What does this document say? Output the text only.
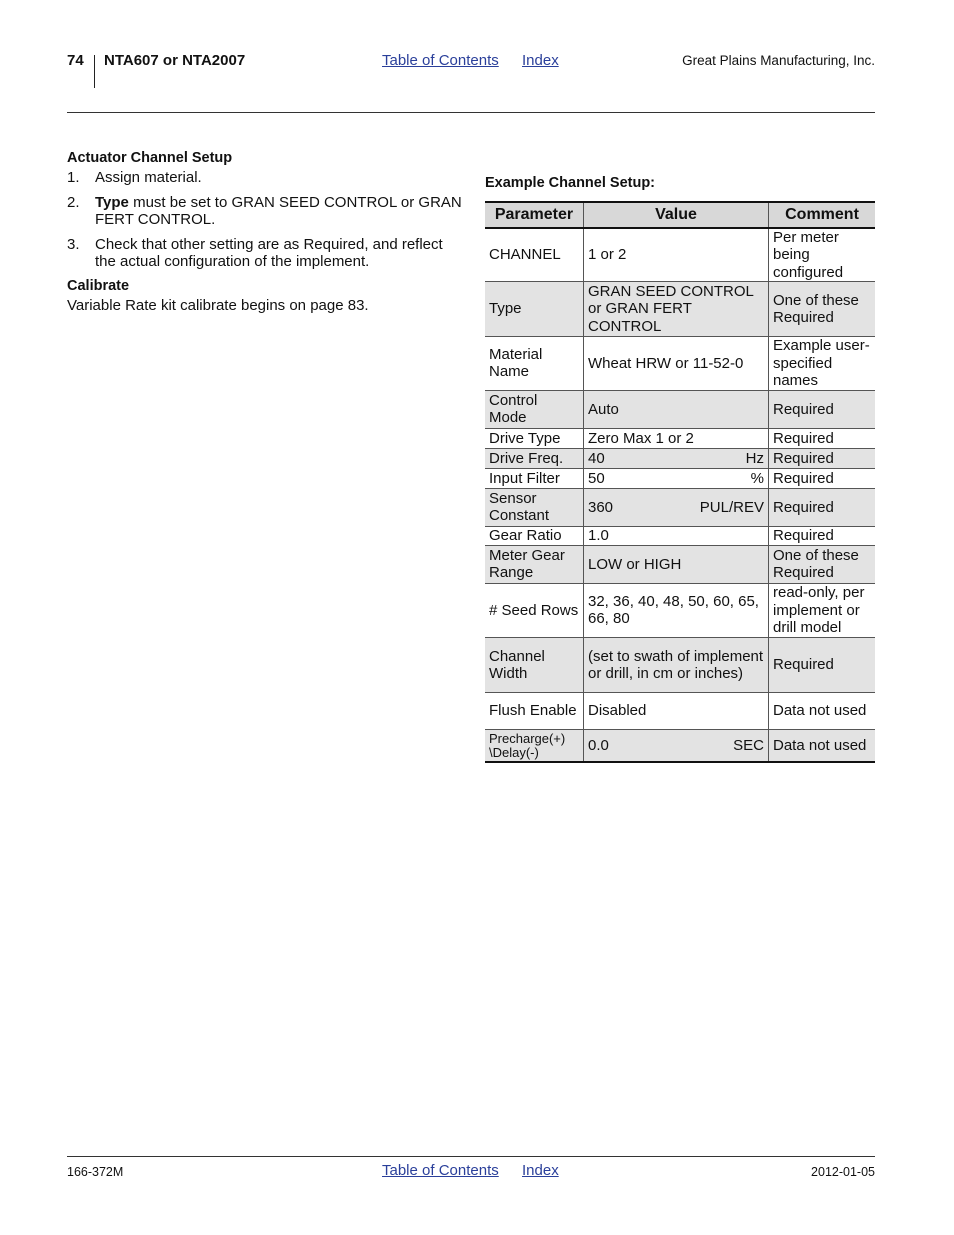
74 NTA607 or NTA2007	Table of Contents Index	Great Plains Manufacturing, Inc.
Actuator Channel Setup
1. Assign material.
2. Type must be set to GRAN SEED CONTROL or GRAN FERT CONTROL.
3. Check that other setting are as Required, and reflect the actual configuration of the implement.
Calibrate
Variable Rate kit calibrate begins on page 83.
Example Channel Setup:
Parameter	Value	Comment
CHANNEL	1 or 2	Per meter being configured
Type	GRAN SEED CONTROL or GRAN FERT CONTROL	One of these Required
Material Name	Wheat HRW or 11-52-0	Example user-specified names
Control Mode	Auto	Required
Drive Type	Zero Max 1 or 2	Required
Drive Freq.	40 Hz	Required
Input Filter	50 %	Required
Sensor Constant	360 PUL/REV	Required
Gear Ratio	1.0	Required
Meter Gear Range	LOW or HIGH	One of these Required
# Seed Rows	32, 36, 40, 48, 50, 60, 65, 66, 80	read-only, per implement or drill model
Channel Width	(set to swath of implement or drill, in cm or inches)	Required
Flush Enable	Disabled	Data not used
Precharge(+) \Delay(-)	0.0 SEC	Data not used
166-372M	Table of Contents Index	2012-01-05
